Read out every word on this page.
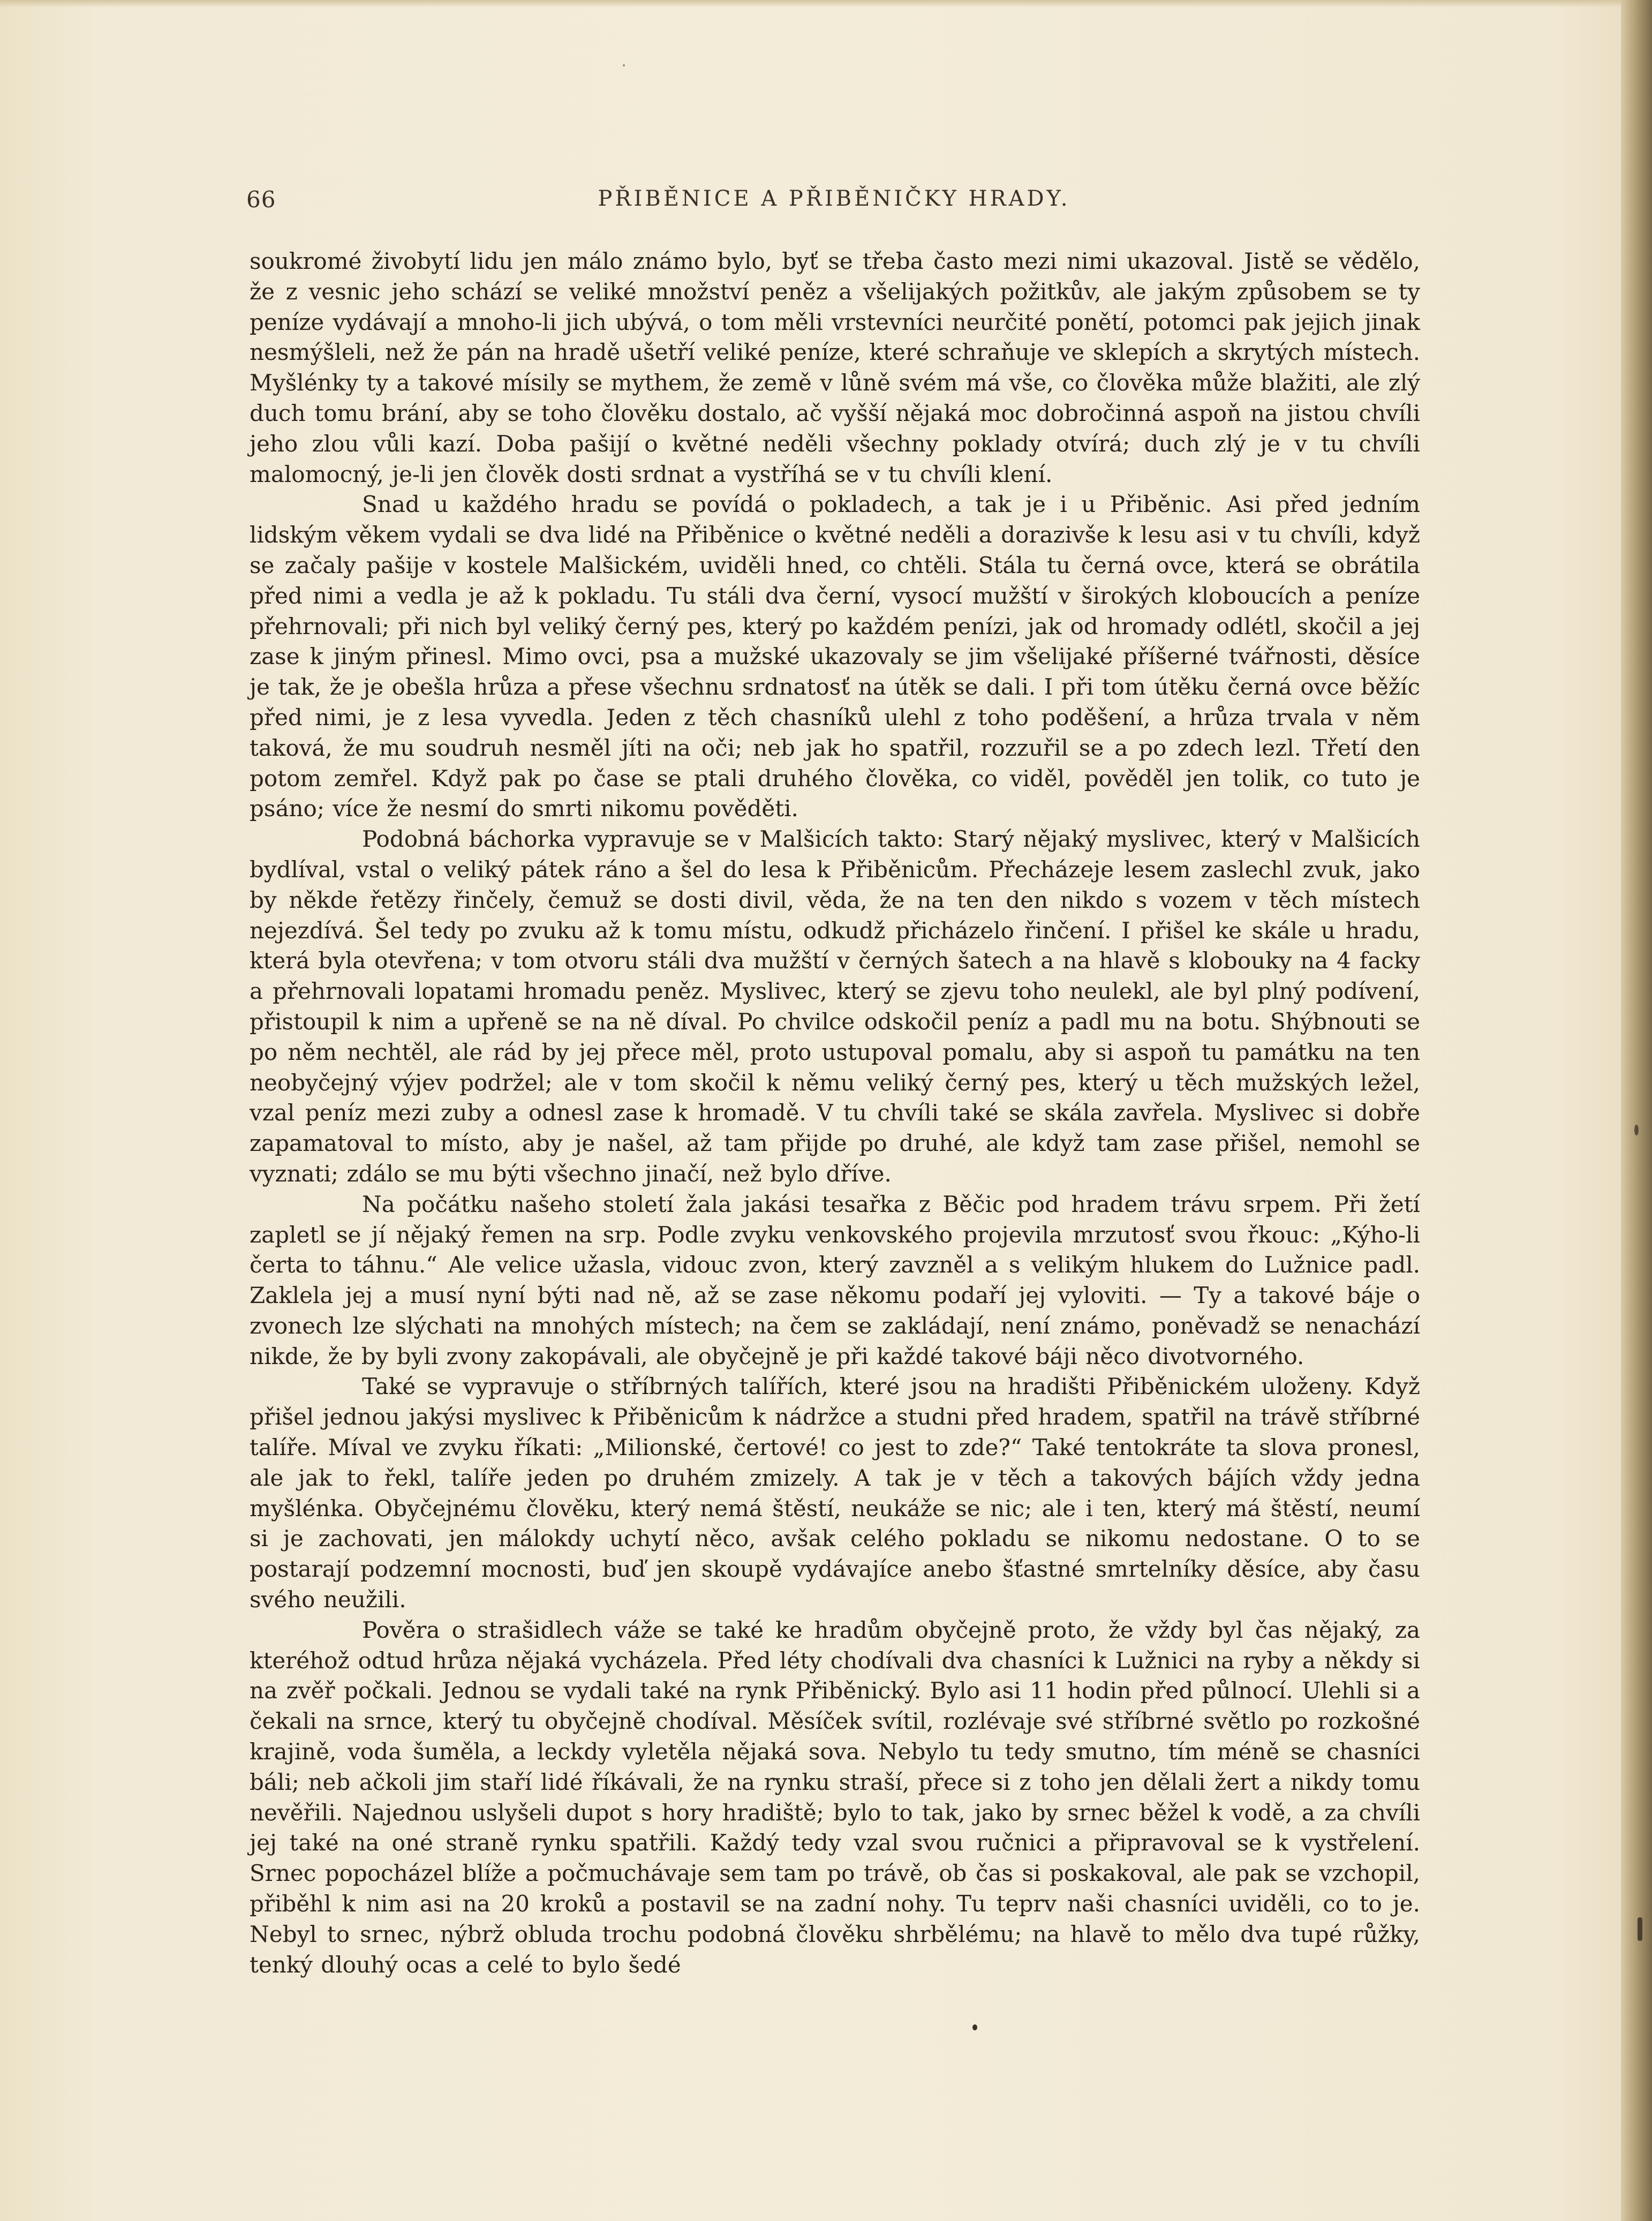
66	PŘIBĚNICE A PŘIBĚNIČKY HRADY.

soukromé živobytí lidu jen málo známo bylo, byť se třeba často mezi nimi ukazoval. Jistě se vědělo, že z vesnic jeho schází se veliké množství peněz a všelijakých požitkův, ale jakým způsobem se ty peníze vydávají a mnoho-li jich ubývá, o tom měli vrstevníci neurčité ponětí, potomci pak jejich jinak nesmýšleli, než že pán na hradě ušetří veliké peníze, které schraňuje ve sklepích a skrytých místech. Myšlénky ty a takové mísily se mythem, že země v lůně svém má vše, co člověka může blažiti, ale zlý duch tomu brání, aby se toho člověku dostalo, ač vyšší nějaká moc dobročinná aspoň na jistou chvíli jeho zlou vůli kazí. Doba pašijí o květné neděli všechny poklady otvírá; duch zlý je v tu chvíli malomocný, je-li jen člověk dosti srdnat a vystříhá se v tu chvíli klení.

Snad u každého hradu se povídá o pokladech, a tak je i u Přiběnic. Asi před jedním lidským věkem vydali se dva lidé na Přiběnice o květné neděli a dorazivše k lesu asi v tu chvíli, když se začaly pašije v kostele Malšickém, uviděli hned, co chtěli. Stála tu černá ovce, která se obrátila před nimi a vedla je až k pokladu. Tu stáli dva černí, vysocí mužští v širokých kloboucích a peníze přehrnovali; při nich byl veliký černý pes, který po každém penízi, jak od hromady odlétl, skočil a jej zase k jiným přinesl. Mimo ovci, psa a mužské ukazovaly se jim všelijaké příšerné tvářnosti, děsíce je tak, že je obešla hrůza a přese všechnu srdnatosť na útěk se dali. I při tom útěku černá ovce běžíc před nimi, je z lesa vyvedla. Jeden z těch chasníků ulehl z toho poděšení, a hrůza trvala v něm taková, že mu soudruh nesměl jíti na oči; neb jak ho spatřil, rozzuřil se a po zdech lezl. Třetí den potom zemřel. Když pak po čase se ptali druhého člověka, co viděl, pověděl jen tolik, co tuto je psáno; více že nesmí do smrti nikomu pověděti.

Podobná báchorka vypravuje se v Malšicích takto: Starý nějaký myslivec, který v Malšicích bydlíval, vstal o veliký pátek ráno a šel do lesa k Přiběnicům. Přecházeje lesem zaslechl zvuk, jako by někde řetězy řinčely, čemuž se dosti divil, věda, že na ten den nikdo s vozem v těch místech nejezdívá. Šel tedy po zvuku až k tomu místu, odkudž přicházelo řinčení. I přišel ke skále u hradu, která byla otevřena; v tom otvoru stáli dva mužští v černých šatech a na hlavě s klobouky na 4 facky a přehrnovali lopatami hromadu peněz. Myslivec, který se zjevu toho neulekl, ale byl plný podívení, přistoupil k nim a upřeně se na ně díval. Po chvilce odskočil peníz a padl mu na botu. Shýbnouti se po něm nechtěl, ale rád by jej přece měl, proto ustupoval pomalu, aby si aspoň tu památku na ten neobyčejný výjev podržel; ale v tom skočil k němu veliký černý pes, který u těch mužských ležel, vzal peníz mezi zuby a odnesl zase k hromadě. V tu chvíli také se skála zavřela. Myslivec si dobře zapamatoval to místo, aby je našel, až tam přijde po druhé, ale když tam zase přišel, nemohl se vyznati; zdálo se mu býti všechno jinačí, než bylo dříve.

Na počátku našeho století žala jakási tesařka z Běčic pod hradem trávu srpem. Při žetí zapletl se jí nějaký řemen na srp. Podle zvyku venkovského projevila mrzutosť svou řkouc: „Kýho-li čerta to táhnu.“ Ale velice užasla, vidouc zvon, který zavzněl a s velikým hlukem do Lužnice padl. Zaklela jej a musí nyní býti nad ně, až se zase někomu podaří jej vyloviti. — Ty a takové báje o zvonech lze slýchati na mnohých místech; na čem se zakládají, není známo, poněvadž se nenachází nikde, že by byli zvony zakopávali, ale obyčejně je při každé takové báji něco divotvorného.

Také se vypravuje o stříbrných talířích, které jsou na hradišti Přiběnickém uloženy. Když přišel jednou jakýsi myslivec k Přiběnicům k nádržce a studni před hradem, spatřil na trávě stříbrné talíře. Míval ve zvyku říkati: „Milionské, čertové! co jest to zde?“ Také tentokráte ta slova pronesl, ale jak to řekl, talíře jeden po druhém zmizely. A tak je v těch a takových bájích vždy jedna myšlénka. Obyčejnému člověku, který nemá štěstí, neukáže se nic; ale i ten, který má štěstí, neumí si je zachovati, jen málokdy uchytí něco, avšak celého pokladu se nikomu nedostane. O to se postarají podzemní mocnosti, buď jen skoupě vydávajíce anebo šťastné smrtelníky děsíce, aby času svého neužili.

Pověra o strašidlech váže se také ke hradům obyčejně proto, že vždy byl čas nějaký, za kteréhož odtud hrůza nějaká vycházela. Před léty chodívali dva chasníci k Lužnici na ryby a někdy si na zvěř počkali. Jednou se vydali také na rynk Přiběnický. Bylo asi 11 hodin před půlnocí. Ulehli si a čekali na srnce, který tu obyčejně chodíval. Měsíček svítil, rozlévaje své stříbrné světlo po rozkošné krajině, voda šuměla, a leckdy vyletěla nějaká sova. Nebylo tu tedy smutno, tím méně se chasníci báli; neb ačkoli jim staří lidé říkávali, že na rynku straší, přece si z toho jen dělali žert a nikdy tomu nevěřili. Najednou uslyšeli dupot s hory hradiště; bylo to tak, jako by srnec běžel k vodě, a za chvíli jej také na oné straně rynku spatřili. Každý tedy vzal svou ručnici a připravoval se k vystřelení. Srnec popocházel blíže a počmuchávaje sem tam po trávě, ob čas si poskakoval, ale pak se vzchopil, přiběhl k nim asi na 20 kroků a postavil se na zadní nohy. Tu teprv naši chasníci uviděli, co to je. Nebyl to srnec, nýbrž obluda trochu podobná člověku shrbělému; na hlavě to mělo dva tupé růžky, tenký dlouhý ocas a celé to bylo šedé
